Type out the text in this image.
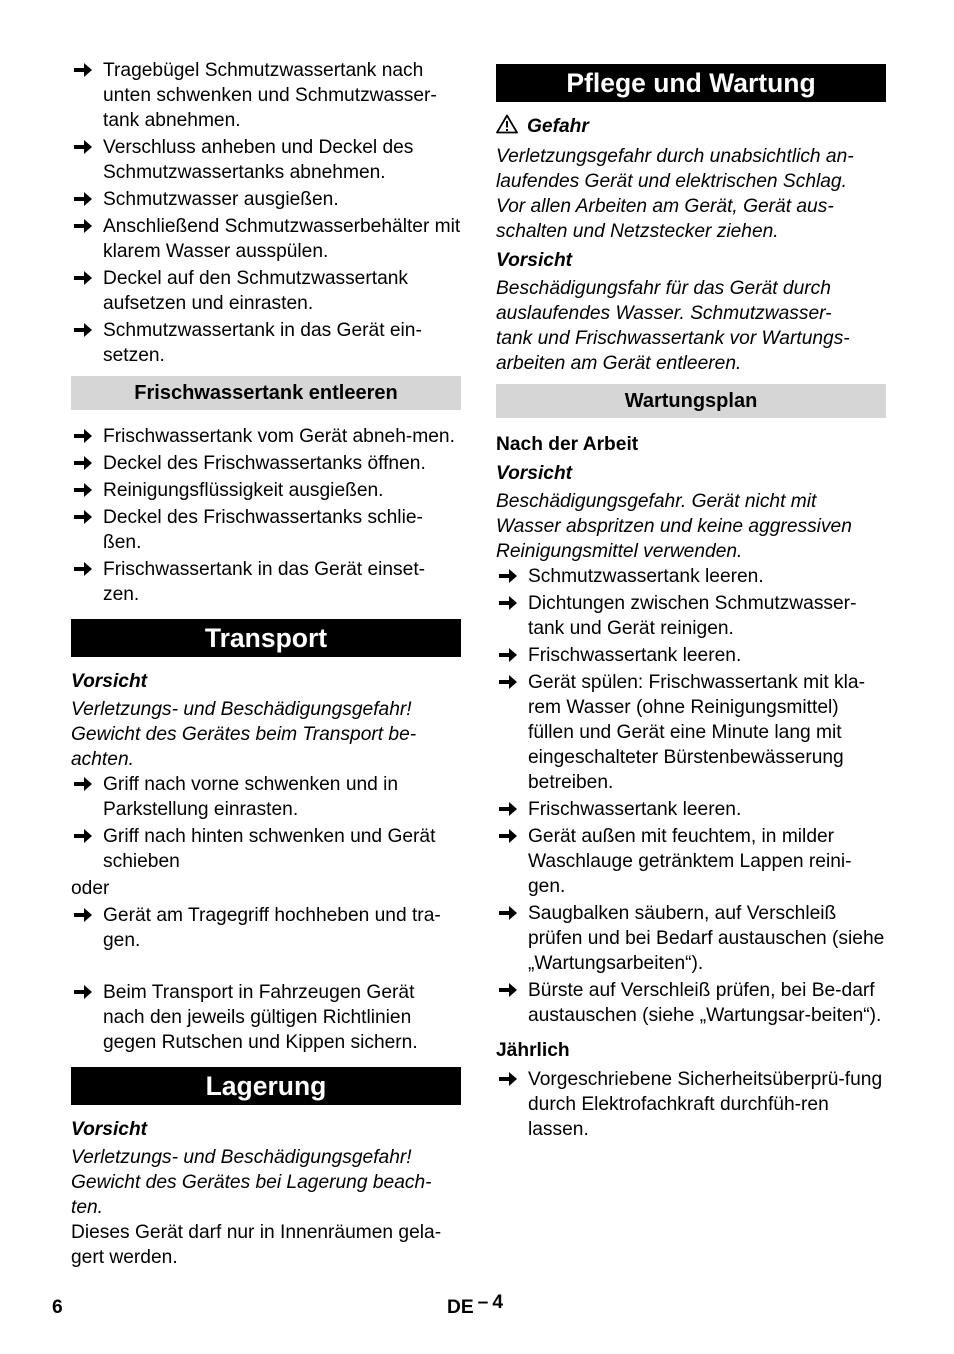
Tragebügel Schmutzwassertank nach unten schwenken und Schmutzwasser-tank abnehmen.
Verschluss anheben und Deckel des Schmutzwassertanks abnehmen.
Schmutzwasser ausgießen.
Anschließend Schmutzwasserbehälter mit klarem Wasser ausspülen.
Deckel auf den Schmutzwassertank aufsetzen und einrasten.
Schmutzwassertank in das Gerät ein-setzen.
Frischwassertank entleeren
Frischwassertank vom Gerät abneh-men.
Deckel des Frischwassertanks öffnen.
Reinigungsflüssigkeit ausgießen.
Deckel des Frischwassertanks schlie-ßen.
Frischwassertank in das Gerät einset-zen.
Transport
Vorsicht
Verletzungs- und Beschädigungsgefahr!
Gewicht des Gerätes beim Transport be-
achten.
Griff nach vorne schwenken und in Parkstellung einrasten.
Griff nach hinten schwenken und Gerät schieben
oder
Gerät am Tragegriff hochheben und tra-gen.
Beim Transport in Fahrzeugen Gerät nach den jeweils gültigen Richtlinien gegen Rutschen und Kippen sichern.
Lagerung
Vorsicht
Verletzungs- und Beschädigungsgefahr!
Gewicht des Gerätes bei Lagerung beach-
ten.
Dieses Gerät darf nur in Innenräumen gela-
gert werden.
Pflege und Wartung
Gefahr
Verletzungsgefahr durch unabsichtlich an-
laufendes Gerät und elektrischen Schlag.
Vor allen Arbeiten am Gerät, Gerät aus-
schalten und Netzstecker ziehen.
Vorsicht
Beschädigungsfahr für das Gerät durch
auslaufendes Wasser. Schmutzwasser-
tank und Frischwassertank vor Wartungs-
arbeiten am Gerät entleeren.
Wartungsplan
Nach der Arbeit
Vorsicht
Beschädigungsgefahr. Gerät nicht mit
Wasser abspritzen und keine aggressiven
Reinigungsmittel verwenden.
Schmutzwassertank leeren.
Dichtungen zwischen Schmutzwasser-tank und Gerät reinigen.
Frischwassertank leeren.
Gerät spülen: Frischwassertank mit kla-rem Wasser (ohne Reinigungsmittel) füllen und Gerät eine Minute lang mit eingeschalteter Bürstenbewässerung betreiben.
Frischwassertank leeren.
Gerät außen mit feuchtem, in milder Waschlauge getränktem Lappen reini-gen.
Saugbalken säubern, auf Verschleiß prüfen und bei Bedarf austauschen (siehe „Wartungsarbeiten“).
Bürste auf Verschleiß prüfen, bei Be-darf austauschen (siehe „Wartungsar-beiten“).
Jährlich
Vorgeschriebene Sicherheitsüberprü-fung durch Elektrofachkraft durchfüh-ren lassen.
6	DE – 4
